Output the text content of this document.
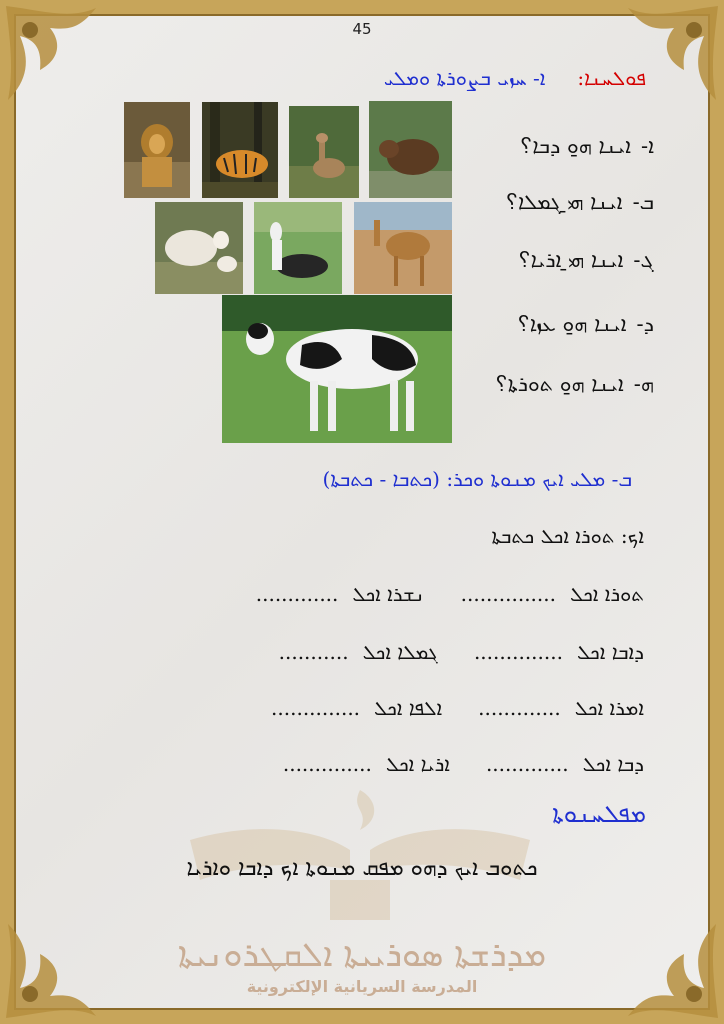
45
ܦܘܠܚܢܐ:ܐ- ܚܙܝ ܒܨܘܪܬܐ ܘܡܠܝ
ܐ-ܐܝܢܐ ܗ̱ܘ ܕܒܐ؟
ܒ-ܐܝܢܐ ܗ̱ܝ ܓܡܠܐ؟
ܓ-ܐܝܢܐ ܗ̱ܝ ܐܪܝܐ؟
ܕ-ܐܝܢܐ ܗ̱ܘ ܥܙܐ؟
ܗ-ܐܝܢܐ ܗ̱ܘ ܬܘܪܬܐ؟
ܒ- ܡܠܝ ܐܝܟ ܡܢܘܬܐ ܘܟܪ: (ܟܬܒܐ - ܟܬܒܬܐ)
ܐܟ: ܬܘܪܐ ܐܟܠ ܟܬܒܬܐ
ܬܘܪܐ ܐܟܠ...............ܢܫܪܐ ܐܟܠ.............
ܕܐܒܐ ܐܟܠ..............ܓܡܠܐ ܐܟܠ...........
ܐܡܪܐ ܐܟܠ.............ܐܠܦܐ ܐܟܠ..............
ܕܒܐ ܐܟܠ.............ܐܪܝܐ ܐܟܠ..............
ܡܦܠܚܢܘܬܐ
ܟܬܘܒ ܐܝܟ ܕܗܘ ܡܦܩ ܡܢܘܬܐ ܐܟ ܕܐܒܐ ܘܐܪܝܐ
ܡܕܪܫܬܐ ܣܘܪܝܝܬܐ ܐܠܩܛܪܘܢܝܬܐ
المدرسة السريانية الإلكترونية
